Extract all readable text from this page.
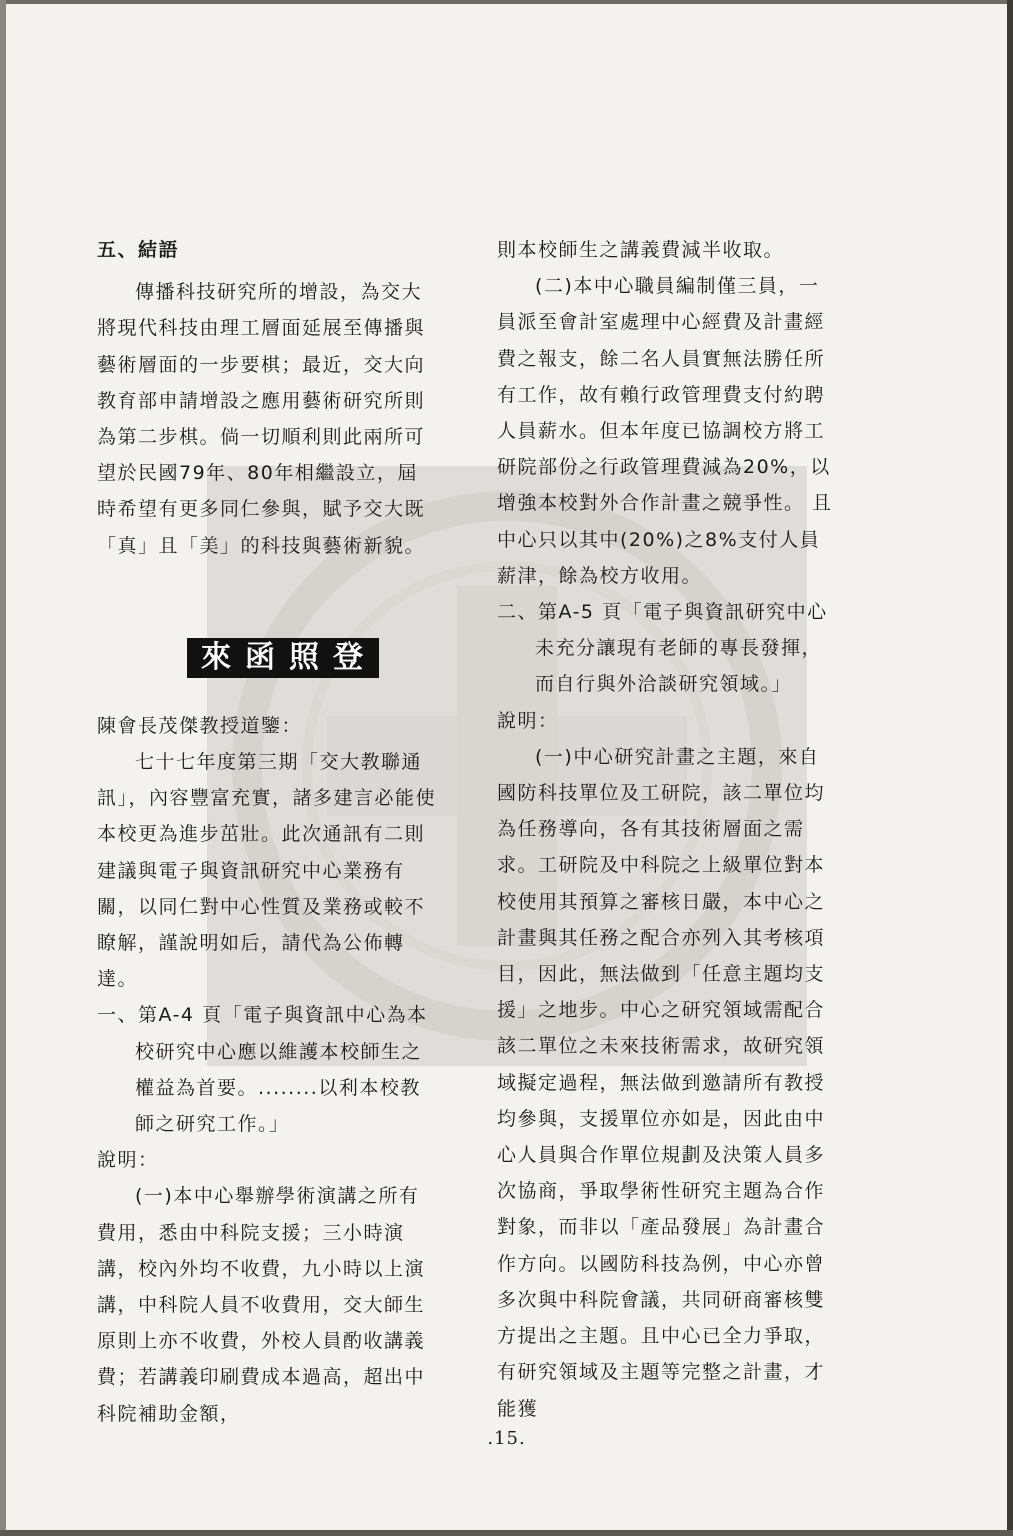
五、結語

傳播科技研究所的增設，為交大將現代科技由理工層面延展至傳播與藝術層面的一步要棋；最近，交大向教育部申請增設之應用藝術研究所則為第二步棋。倘一切順利則此兩所可望於民國79年、80年相繼設立，屆時希望有更多同仁參與，賦予交大既「真」且「美」的科技與藝術新貌。

來函照登

陳會長茂傑教授道鑒：

七十七年度第三期「交大教聯通訊」，內容豐富充實，諸多建言必能使本校更為進步茁壯。此次通訊有二則建議與電子與資訊研究中心業務有關，以同仁對中心性質及業務或較不瞭解，謹說明如后，請代為公佈轉達。

一、第A-4 頁「電子與資訊中心為本校研究中心應以維護本校師生之權益為首要。........以利本校教師之研究工作。」

說明：

(一)本中心舉辦學術演講之所有費用，悉由中科院支援；三小時演講，校內外均不收費，九小時以上演講，中科院人員不收費用，交大師生原則上亦不收費，外校人員酌收講義費；若講義印刷費成本過高，超出中科院補助金額，

則本校師生之講義費減半收取。

(二)本中心職員編制僅三員，一員派至會計室處理中心經費及計畫經費之報支，餘二名人員實無法勝任所有工作，故有賴行政管理費支付約聘人員薪水。但本年度已協調校方將工研院部份之行政管理費減為20%，以增強本校對外合作計畫之競爭性。 且中心只以其中(20%)之8%支付人員薪津，餘為校方收用。

二、第A-5 頁「電子與資訊研究中心未充分讓現有老師的專長發揮，而自行與外洽談研究領域。」

說明：

(一)中心研究計畫之主題，來自國防科技單位及工研院，該二單位均為任務導向，各有其技術層面之需求。工研院及中科院之上級單位對本校使用其預算之審核日嚴，本中心之計畫與其任務之配合亦列入其考核項目，因此，無法做到「任意主題均支援」之地步。中心之研究領域需配合該二單位之未來技術需求，故研究領域擬定過程，無法做到邀請所有教授均參與，支援單位亦如是，因此由中心人員與合作單位規劃及決策人員多次協商，爭取學術性研究主題為合作對象，而非以「產品發展」為計畫合作方向。以國防科技為例，中心亦曾多次與中科院會議，共同研商審核雙方提出之主題。且中心已全力爭取，有研究領域及主題等完整之計畫，才能獲

.15.
